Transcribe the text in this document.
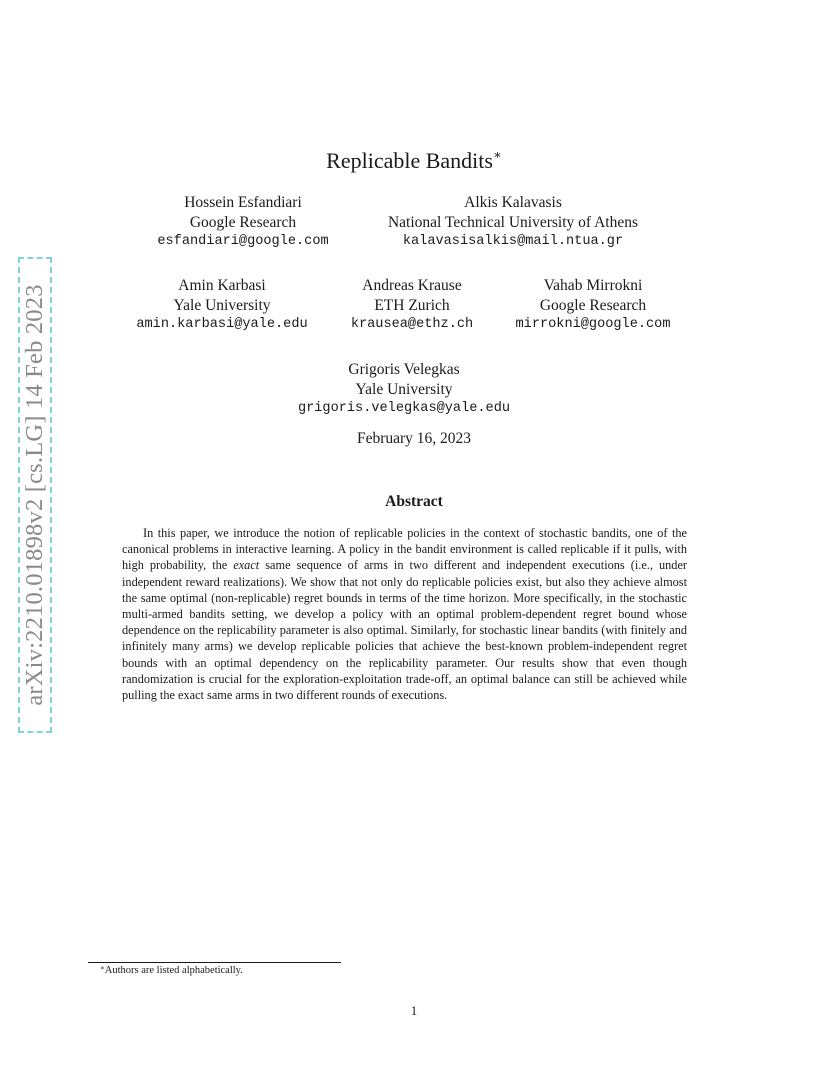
arXiv:2210.01898v2 [cs.LG] 14 Feb 2023
Replicable Bandits∗
Hossein Esfandiari
Google Research
esfandiari@google.com
Alkis Kalavasis
National Technical University of Athens
kalavasisalkis@mail.ntua.gr
Amin Karbasi
Yale University
amin.karbasi@yale.edu
Andreas Krause
ETH Zurich
krausea@ethz.ch
Vahab Mirrokni
Google Research
mirrokni@google.com
Grigoris Velegkas
Yale University
grigoris.velegkas@yale.edu
February 16, 2023
Abstract
In this paper, we introduce the notion of replicable policies in the context of stochastic bandits, one of the canonical problems in interactive learning. A policy in the bandit environment is called replicable if it pulls, with high probability, the exact same sequence of arms in two different and independent executions (i.e., under independent reward realizations). We show that not only do replicable policies exist, but also they achieve almost the same optimal (non-replicable) regret bounds in terms of the time horizon. More specifically, in the stochastic multi-armed bandits setting, we develop a policy with an optimal problem-dependent regret bound whose dependence on the replicability parameter is also optimal. Similarly, for stochastic linear bandits (with finitely and infinitely many arms) we develop replicable policies that achieve the best-known problem-independent regret bounds with an optimal dependency on the replicability parameter. Our results show that even though randomization is crucial for the exploration-exploitation trade-off, an optimal balance can still be achieved while pulling the exact same arms in two different rounds of executions.
∗Authors are listed alphabetically.
1
